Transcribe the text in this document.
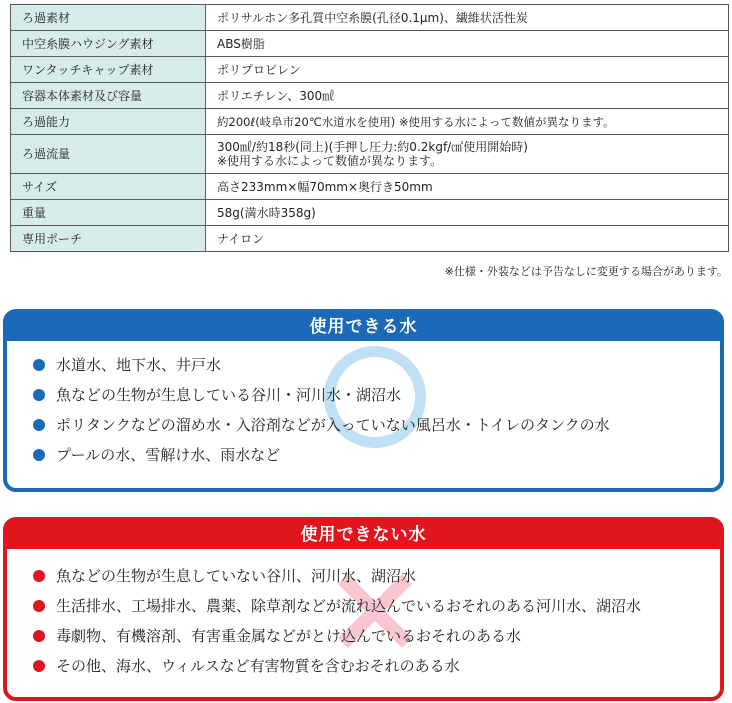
ろ過素材	ポリサルホン多孔質中空糸膜(孔径0.1μm)、繊維状活性炭
中空糸膜ハウジング素材	ABS樹脂
ワンタッチキャップ素材	ポリプロピレン
容器本体素材及び容量	ポリエチレン、300㎖
ろ過能力	約200ℓ(岐阜市20℃水道水を使用) ※使用する水によって数値が異なります。
ろ過流量	300㎖/約18秒(同上)(手押し圧力:約0.2kgf/㎠使用開始時)
※使用する水によって数値が異なります。

サイズ	高さ233mm×幅70mm×奥行き50mm
重量	58g(満水時358g)
専用ポーチ	ナイロン
※仕様・外装などは予告なしに変更する場合があります。
使用できる水
水道水、地下水、井戸水
魚などの生物が生息している谷川・河川水・湖沼水
ポリタンクなどの溜め水・入浴剤などが入っていない風呂水・トイレのタンクの水
プールの水、雪解け水、雨水など
使用できない水
魚などの生物が生息していない谷川、河川水、湖沼水
生活排水、工場排水、農薬、除草剤などが流れ込んでいるおそれのある河川水、湖沼水
毒劇物、有機溶剤、有害重金属などがとけ込んでいるおそれのある水
その他、海水、ウィルスなど有害物質を含むおそれのある水
